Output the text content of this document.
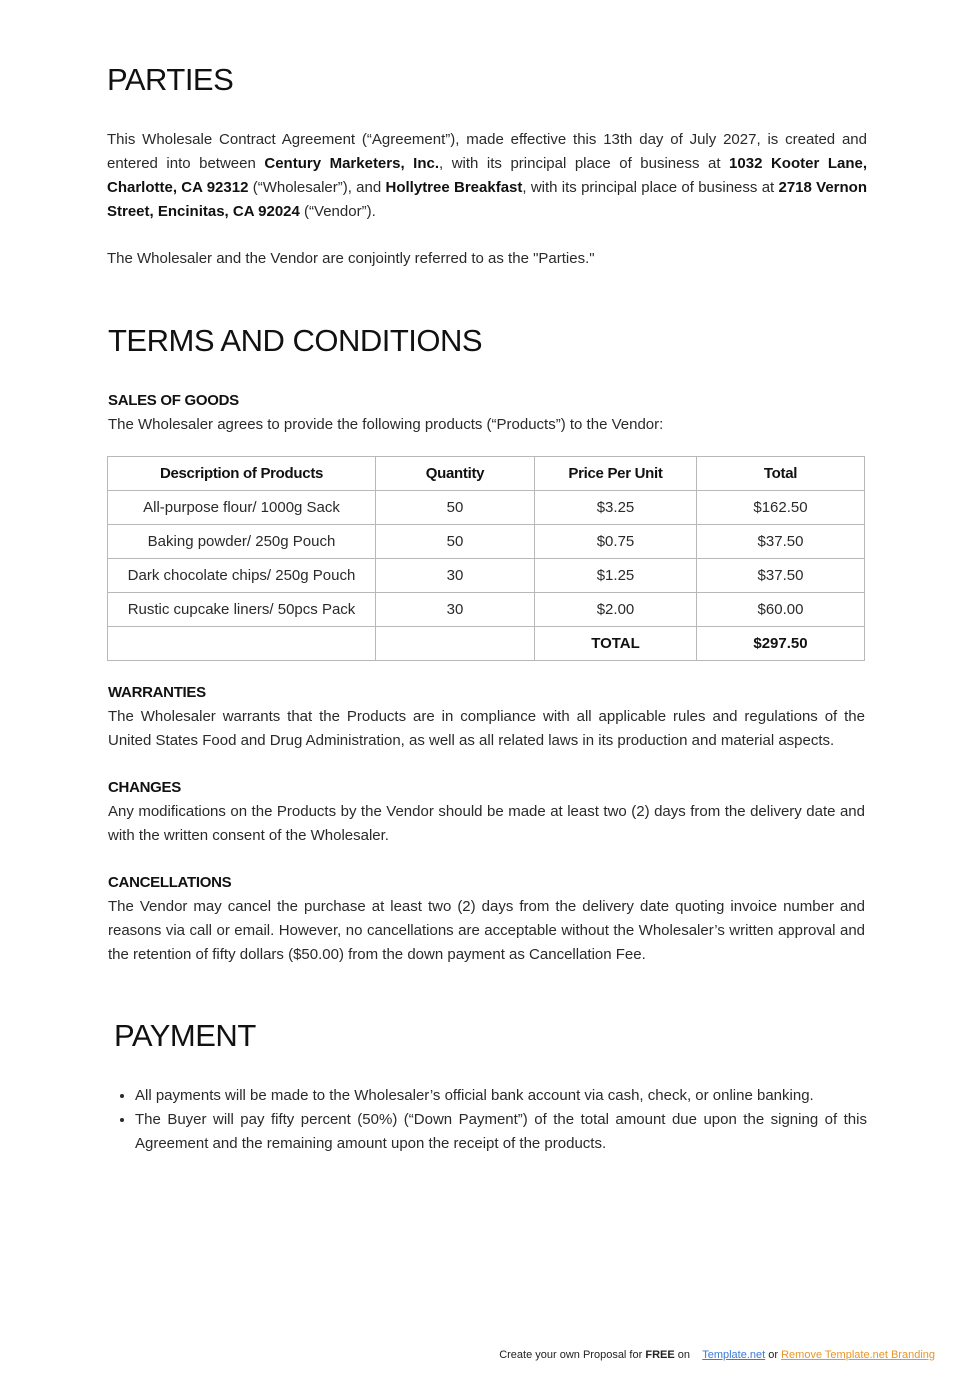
PARTIES

This Wholesale Contract Agreement (“Agreement”), made effective this 13th day of July 2027, is created and entered into between Century Marketers, Inc., with its principal place of business at 1032 Kooter Lane, Charlotte, CA 92312 (“Wholesaler”), and Hollytree Breakfast, with its principal place of business at 2718 Vernon Street, Encinitas, CA 92024 (“Vendor”).

The Wholesaler and the Vendor are conjointly referred to as the "Parties."

TERMS AND CONDITIONS
SALES OF GOODS

The Wholesaler agrees to provide the following products (“Products”) to the Vendor:

Description of Products	Quantity	Price Per Unit	Total
All-purpose flour/ 1000g Sack	50	$3.25	$162.50
Baking powder/ 250g Pouch	50	$0.75	$37.50
Dark chocolate chips/ 250g Pouch	30	$1.25	$37.50
Rustic cupcake liners/ 50pcs Pack	30	$2.00	$60.00
		TOTAL	$297.50
WARRANTIES

The Wholesaler warrants that the Products are in compliance with all applicable rules and regulations of the United States Food and Drug Administration, as well as all related laws in its production and material aspects.

CHANGES

Any modifications on the Products by the Vendor should be made at least two (2) days from the delivery date and with the written consent of the Wholesaler.

CANCELLATIONS

The Vendor may cancel the purchase at least two (2) days from the delivery date quoting invoice number and reasons via call or email. However, no cancellations are acceptable without the Wholesaler’s written approval and the retention of fifty dollars ($50.00) from the down payment as Cancellation Fee.

PAYMENT
• All payments will be made to the Wholesaler’s official bank account via cash, check, or online banking.
• The Buyer will pay fifty percent (50%) (“Down Payment”) of the total amount due upon the signing of this Agreement and the remaining amount upon the receipt of the products.
Create your own Proposal for FREE on Template.net or Remove Template.net Branding
